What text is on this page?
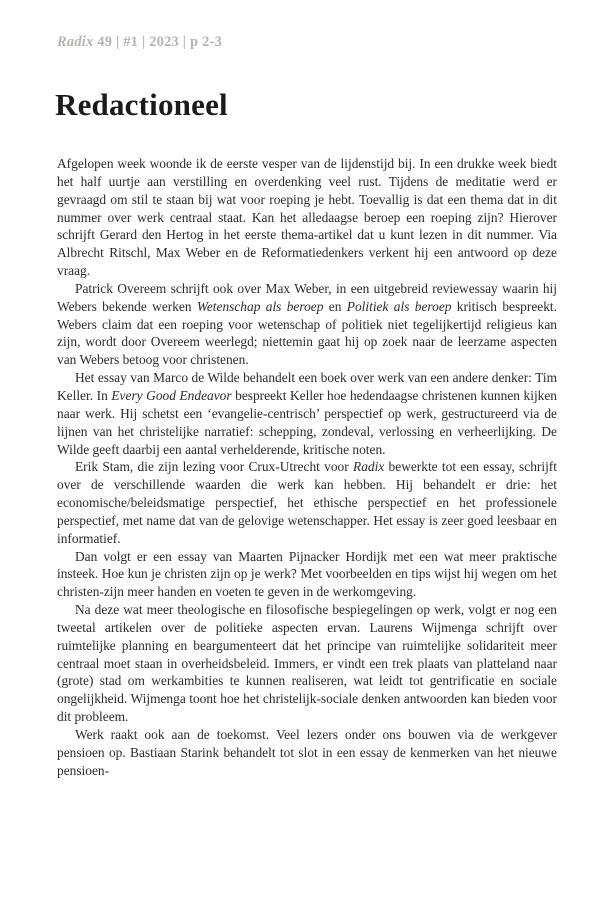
Radix 49 | #1 | 2023 | p 2-3
Redactioneel

Afgelopen week woonde ik de eerste vesper van de lijdenstijd bij. In een drukke week biedt het half uurtje aan verstilling en overdenking veel rust. Tijdens de meditatie werd er gevraagd om stil te staan bij wat voor roeping je hebt. Toevallig is dat een thema dat in dit nummer over werk centraal staat. Kan het alledaagse beroep een roeping zijn? Hierover schrijft Gerard den Hertog in het eerste thema-artikel dat u kunt lezen in dit nummer. Via Albrecht Ritschl, Max Weber en de Reformatiedenkers verkent hij een antwoord op deze vraag.

Patrick Overeem schrijft ook over Max Weber, in een uitgebreid reviewessay waarin hij Webers bekende werken Wetenschap als beroep en Politiek als beroep kritisch bespreekt. Webers claim dat een roeping voor wetenschap of politiek niet tegelijkertijd religieus kan zijn, wordt door Overeem weerlegd; niettemin gaat hij op zoek naar de leerzame aspecten van Webers betoog voor christenen.

Het essay van Marco de Wilde behandelt een boek over werk van een andere denker: Tim Keller. In Every Good Endeavor bespreekt Keller hoe hedendaagse christenen kunnen kijken naar werk. Hij schetst een ‘evangelie-centrisch’ perspectief op werk, gestructureerd via de lijnen van het christelijke narratief: schepping, zondeval, verlossing en verheerlijking. De Wilde geeft daarbij een aantal verhelderende, kritische noten.

Erik Stam, die zijn lezing voor Crux-Utrecht voor Radix bewerkte tot een essay, schrijft over de verschillende waarden die werk kan hebben. Hij behandelt er drie: het economische/beleidsmatige perspectief, het ethische perspectief en het professionele perspectief, met name dat van de gelovige wetenschapper. Het essay is zeer goed leesbaar en informatief.

Dan volgt er een essay van Maarten Pijnacker Hordijk met een wat meer praktische insteek. Hoe kun je christen zijn op je werk? Met voorbeelden en tips wijst hij wegen om het christen-zijn meer handen en voeten te geven in de werkomgeving.

Na deze wat meer theologische en filosofische bespiegelingen op werk, volgt er nog een tweetal artikelen over de politieke aspecten ervan. Laurens Wijmenga schrijft over ruimtelijke planning en beargumenteert dat het principe van ruimtelijke solidariteit meer centraal moet staan in overheidsbeleid. Immers, er vindt een trek plaats van platteland naar (grote) stad om werkambities te kunnen realiseren, wat leidt tot gentrificatie en sociale ongelijkheid. Wijmenga toont hoe het christelijk-sociale denken antwoorden kan bieden voor dit probleem.

Werk raakt ook aan de toekomst. Veel lezers onder ons bouwen via de werkgever pensioen op. Bastiaan Starink behandelt tot slot in een essay de kenmerken van het nieuwe pensioen-
